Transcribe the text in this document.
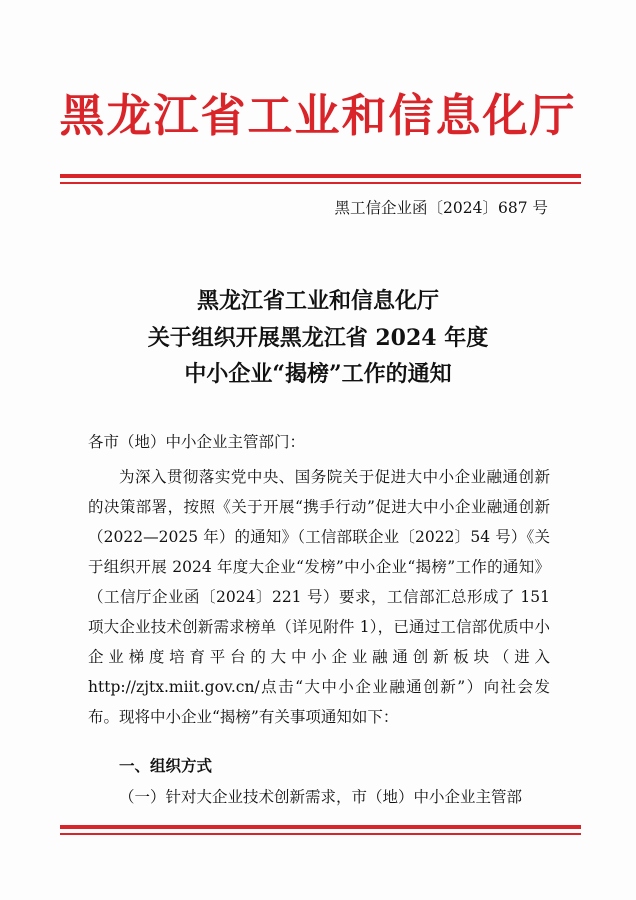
黑龙江省工业和信息化厅
黑工信企业函〔2024〕687 号
黑龙江省工业和信息化厅
关于组织开展黑龙江省 2024 年度
中小企业“揭榜”工作的通知
各市（地）中小企业主管部门：

为深入贯彻落实党中央、国务院关于促进大中小企业融通创新的决策部署，按照《关于开展“携手行动”促进大中小企业融通创新（2022—2025 年）的通知》（工信部联企业〔2022〕54 号）《关于组织开展 2024 年度大企业“发榜”中小企业“揭榜”工作的通知》（工信厅企业函〔2024〕221 号）要求，工信部汇总形成了 151 项大企业技术创新需求榜单（详见附件 1），已通过工信部优质中小企业梯度培育平台的大中小企业融通创新板块（进入 http://zjtx.miit.gov.cn/点击“大中小企业融通创新”）向社会发布。现将中小企业“揭榜”有关事项通知如下：

一、组织方式
（一）针对大企业技术创新需求，市（地）中小企业主管部
